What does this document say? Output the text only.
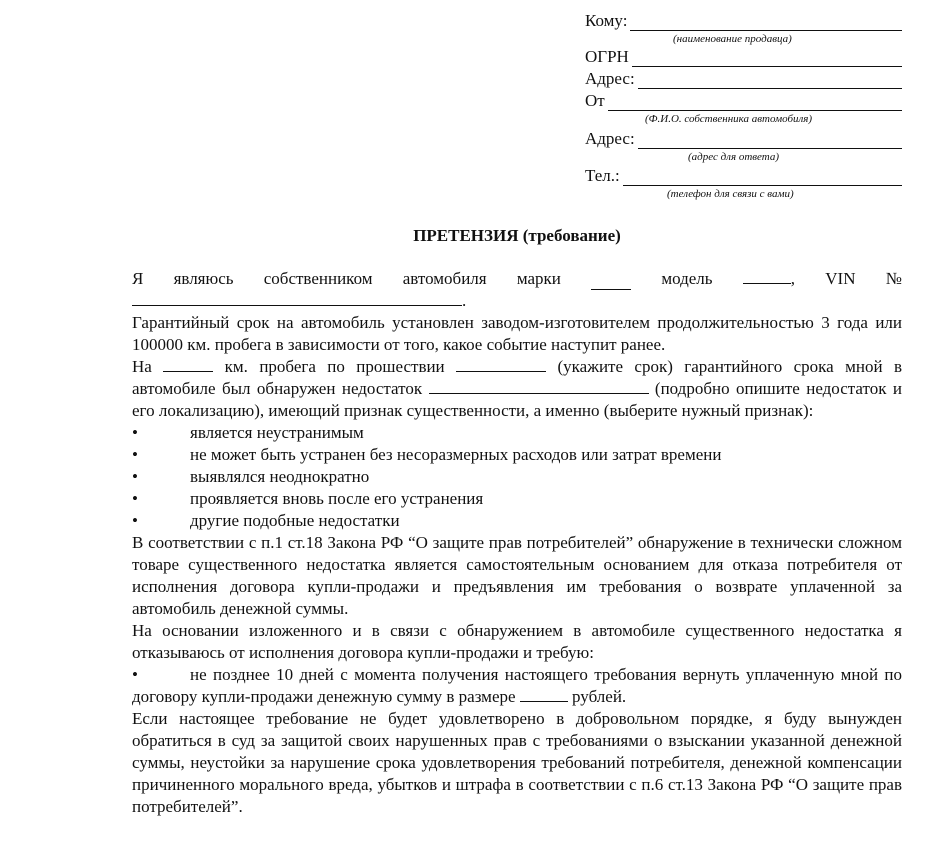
Кому:
(наименование продавца)
ОГРН
Адрес:
От
(Ф.И.О. собственника автомобиля)
Адрес:
(адрес для ответа)
Тел.:
(телефон для связи с вами)
ПРЕТЕНЗИЯ (требование)
Я являюсь собственником автомобиля марки	модель	, VIN №
.

Гарантийный срок на автомобиль установлен заводом-изготовителем продолжительностью 3 года или 100000 км. пробега в зависимости от того, какое событие наступит ранее.

На	км. пробега по прошествии	(укажите срок) гарантийного срока мной в автомобиле был обнаружен недостаток	(подробно опишите недостаток и его локализацию), имеющий признак существенности, а именно (выберите нужный признак):

•	является неустранимым
•	не может быть устранен без несоразмерных расходов или затрат времени
•	выявлялся неоднократно
•	проявляется вновь после его устранения
•	другие подобные недостатки

В соответствии с п.1 ст.18 Закона РФ “О защите прав потребителей” обнаружение в технически сложном товаре существенного недостатка является самостоятельным основанием для отказа потребителя от исполнения договора купли-продажи и предъявления им требования о возврате уплаченной за автомобиль денежной суммы.

На основании изложенного и в связи с обнаружением в автомобиле существенного недостатка я отказываюсь от исполнения договора купли-продажи и требую:

•	не позднее 10 дней с момента получения настоящего требования вернуть уплаченную мной по договору купли-продажи денежную сумму в размере	рублей.

Если настоящее требование не будет удовлетворено в добровольном порядке, я буду вынужден обратиться в суд за защитой своих нарушенных прав с требованиями о взыскании указанной денежной суммы, неустойки за нарушение срока удовлетворения требований потребителя, денежной компенсации причиненного морального вреда, убытков и штрафа в соответствии с п.6 ст.13 Закона РФ “О защите прав потребителей”.
